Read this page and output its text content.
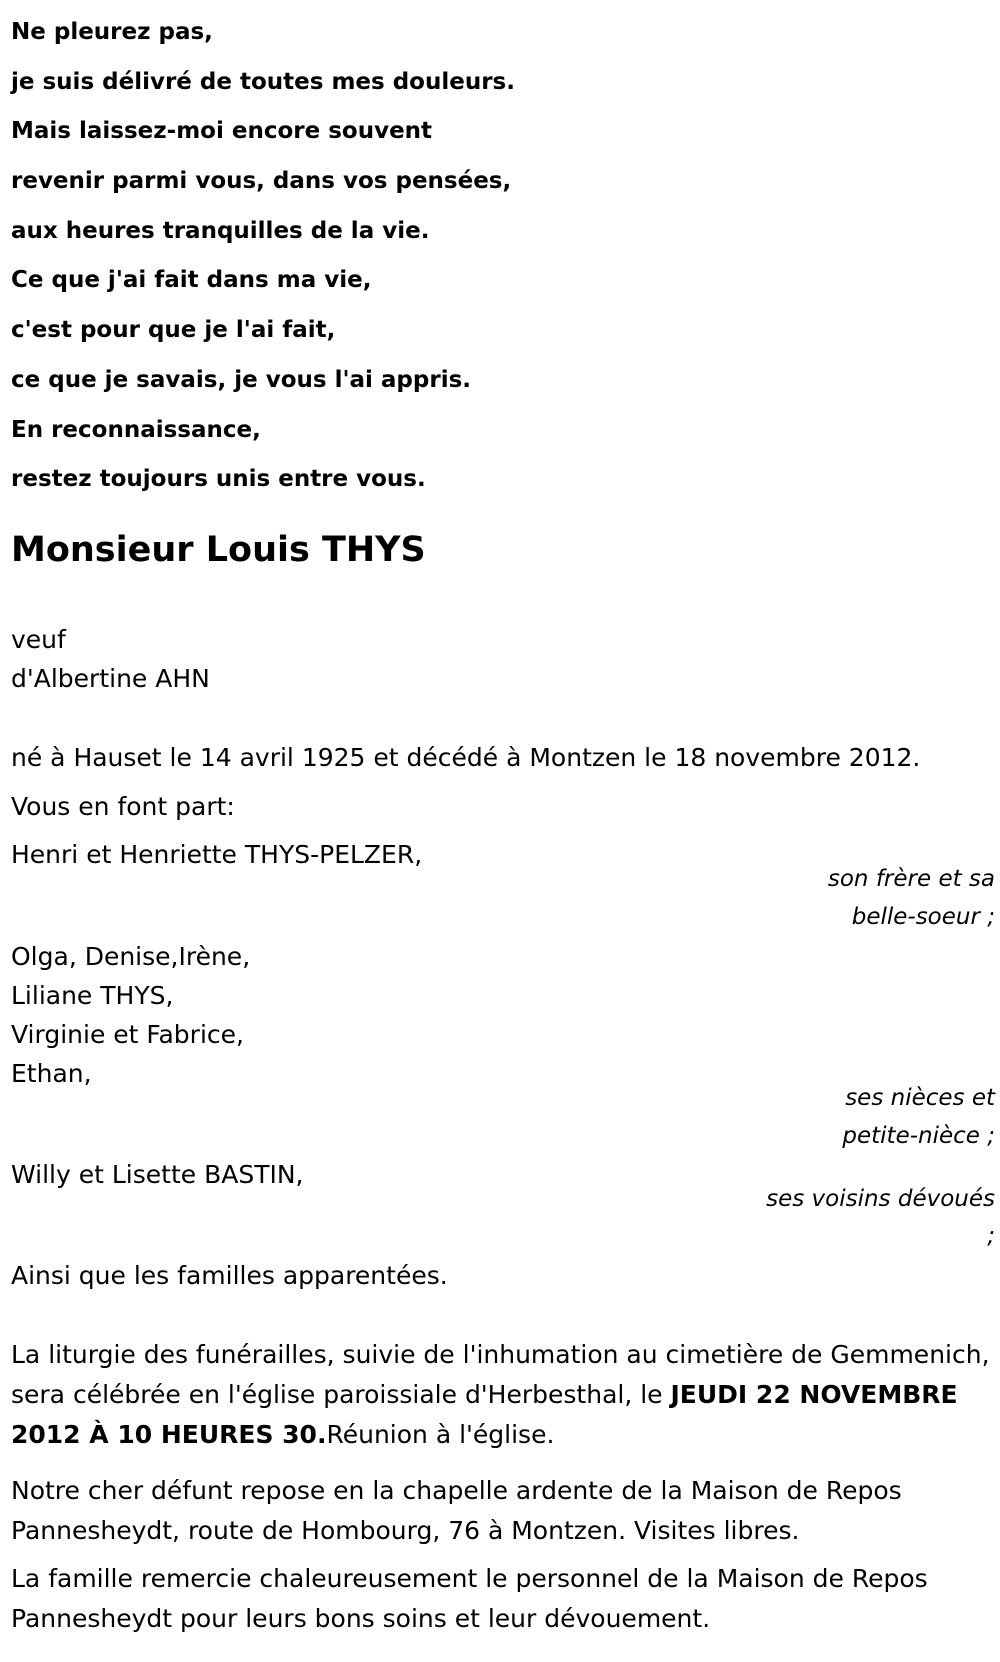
Ne pleurez pas,
je suis délivré de toutes mes douleurs.
Mais laissez-moi encore souvent
revenir parmi vous, dans vos pensées,
aux heures tranquilles de la vie.
Ce que j'ai fait dans ma vie,
c'est pour que je l'ai fait,
ce que je savais, je vous l'ai appris.
En reconnaissance,
restez toujours unis entre vous.
Monsieur Louis THYS
veuf
d'Albertine AHN
né à Hauset le 14 avril 1925 et décédé à Montzen le 18 novembre 2012.
Vous en font part:
Henri et Henriette THYS-PELZER,
son frère et sa
belle-soeur ;
Olga, Denise,Irène,
Liliane THYS,
Virginie et Fabrice,
Ethan,
ses nièces et
petite-nièce ;
Willy et Lisette BASTIN,
ses voisins dévoués
;
Ainsi que les familles apparentées.
La liturgie des funérailles, suivie de l'inhumation au cimetière de Gemmenich, sera célébrée en l'église paroissiale d'Herbesthal, le JEUDI 22 NOVEMBRE 2012 À 10 HEURES 30.Réunion à l'église.
Notre cher défunt repose en la chapelle ardente de la Maison de Repos Pannesheydt, route de Hombourg, 76 à Montzen. Visites libres.
La famille remercie chaleureusement le personnel de la Maison de Repos Pannesheydt pour leurs bons soins et leur dévouement.
